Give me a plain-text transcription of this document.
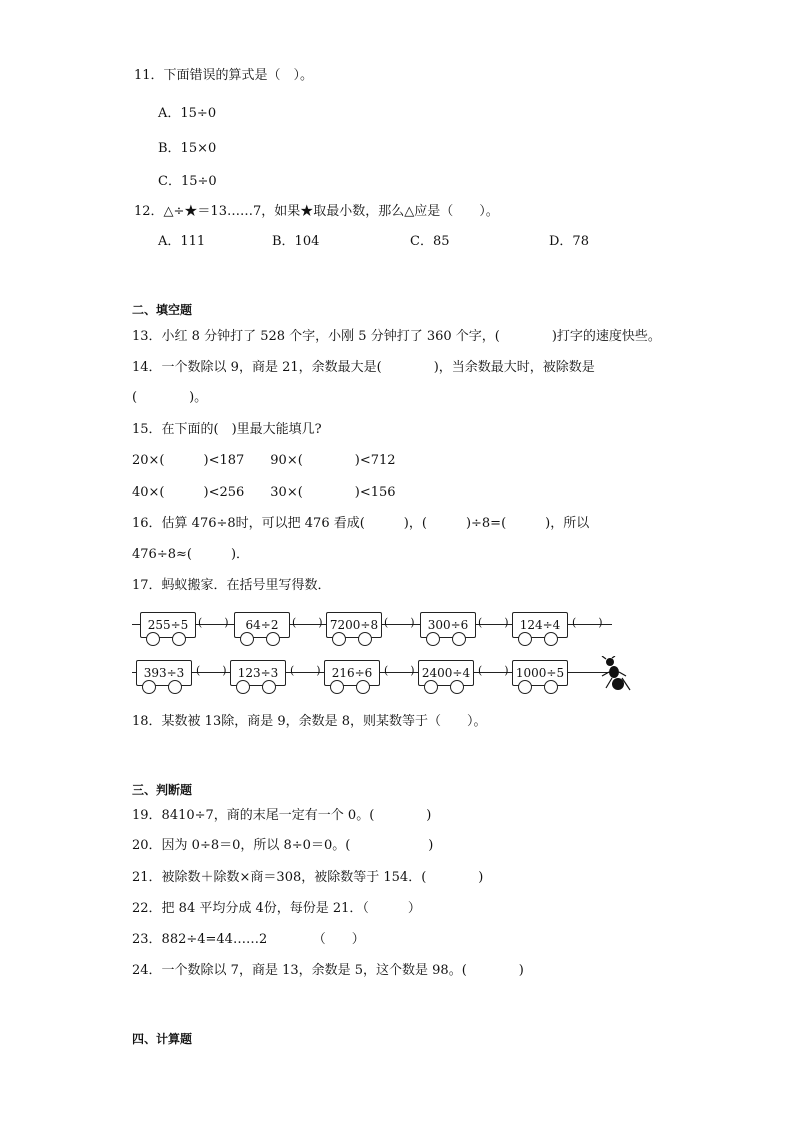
11．下面错误的算式是（　）。
A．15÷0
B．15×0
C．15÷0
12．△÷★＝13……7，如果★取最小数，那么△应是（　　）。
A．111	B．104	C．85	D．78
二、填空题
13．小红 8 分钟打了 528 个字，小刚 5 分钟打了 360 个字，(　　　　)打字的速度快些。
14．一个数除以 9，商是 21，余数最大是(　　　　)，当余数最大时，被除数是
(　　　　)。
15．在下面的(　)里最大能填几?
20×(　　　)<187　　90×(　　　　)<712
40×(　　　)<256　　30×(　　　　)<156
16．估算 476÷8时，可以把 476 看成(　　　)，(　　　)÷8=(　　　)，所以
476÷8≈(　　　)．
17．蚂蚁搬家．在括号里写得数．
255÷5 (　　)	64÷2	(　　) 7200÷8 (　　)	300÷6 (　　) 124÷4	(　　)
393÷3	(　　) 123÷3	(　　) 216÷6	(　　) 2400÷4 (　　) 1000÷5
18．某数被 13除，商是 9，余数是 8，则某数等于（　　）。
三、判断题
19．8410÷7，商的末尾一定有一个 0。(　　　　)
20．因为 0÷8＝0，所以 8÷0＝0。(　　　　　　)
21．被除数＋除数×商＝308，被除数等于 154．(　　　　)
22．把 84 平均分成 4份，每份是 21．（　　　）
23．882÷4=44……2　　　　（　　）
24．一个数除以 7，商是 13，余数是 5，这个数是 98。(　　　　)
四、计算题
